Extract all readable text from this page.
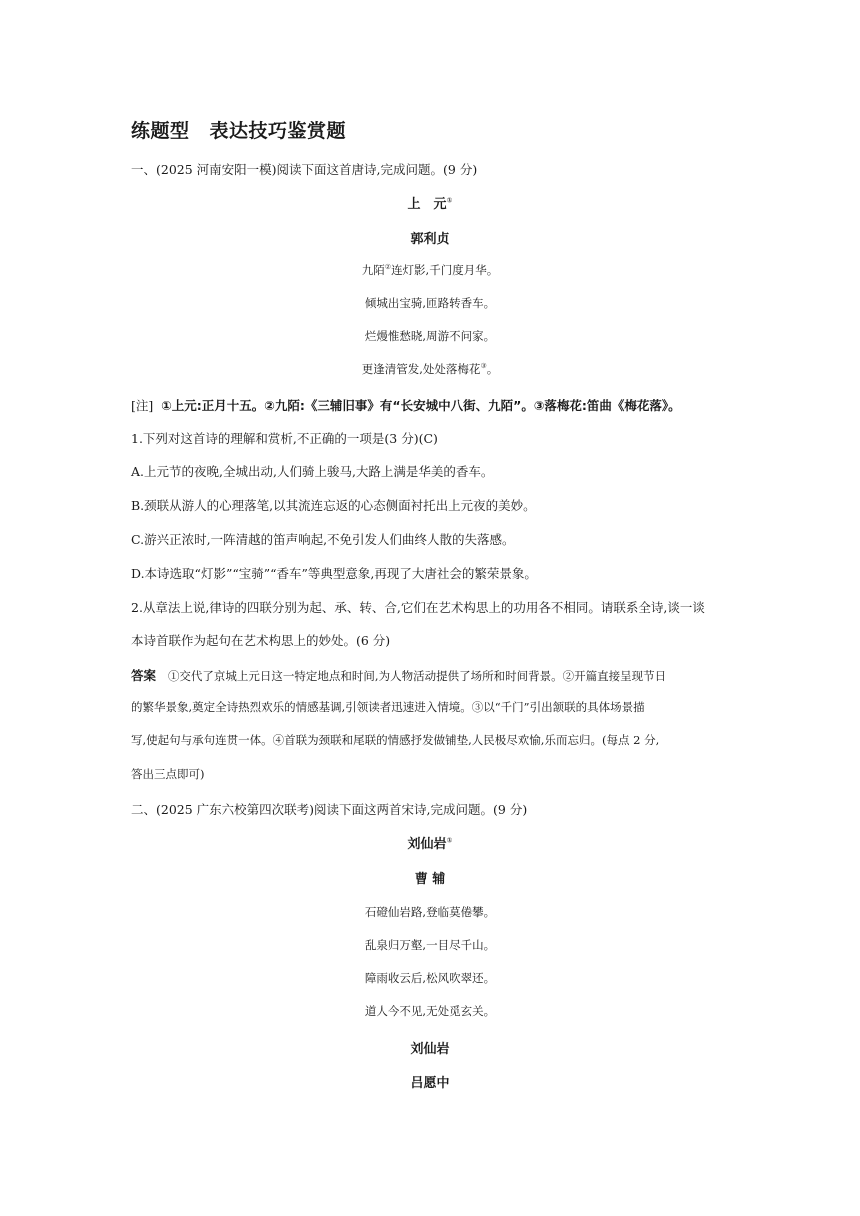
练题型 表达技巧鉴赏题
一、(2025 河南安阳一模)阅读下面这首唐诗,完成问题。(9 分)
上　元①
郭利贞
九陌②连灯影,千门度月华。
倾城出宝骑,匝路转香车。
烂熳惟愁晓,周游不问家。
更逢清管发,处处落梅花③。
[注] ①上元:正月十五。②九陌:《三辅旧事》有“长安城中八街、九陌”。③落梅花:笛曲《梅花落》。
1.下列对这首诗的理解和赏析,不正确的一项是(3 分)(C)
A.上元节的夜晚,全城出动,人们骑上骏马,大路上满是华美的香车。
B.颈联从游人的心理落笔,以其流连忘返的心态侧面衬托出上元夜的美妙。
C.游兴正浓时,一阵清越的笛声响起,不免引发人们曲终人散的失落感。
D.本诗选取“灯影”“宝骑”“香车”等典型意象,再现了大唐社会的繁荣景象。
2.从章法上说,律诗的四联分别为起、承、转、合,它们在艺术构思上的功用各不相同。请联系全诗,谈一谈
本诗首联作为起句在艺术构思上的妙处。(6 分)
答案 ①交代了京城上元日这一特定地点和时间,为人物活动提供了场所和时间背景。②开篇直接呈现节日
的繁华景象,奠定全诗热烈欢乐的情感基调,引领读者迅速进入情境。③以“千门”引出颔联的具体场景描
写,使起句与承句连贯一体。④首联为颈联和尾联的情感抒发做铺垫,人民极尽欢愉,乐而忘归。(每点 2 分,
答出三点即可)
二、(2025 广东六校第四次联考)阅读下面这两首宋诗,完成问题。(9 分)
刘仙岩①
曹 辅
石磴仙岩路,登临莫倦攀。
乱泉归万壑,一目尽千山。
障雨收云后,松风吹翠还。
道人今不见,无处觅玄关。
刘仙岩
吕愿中
